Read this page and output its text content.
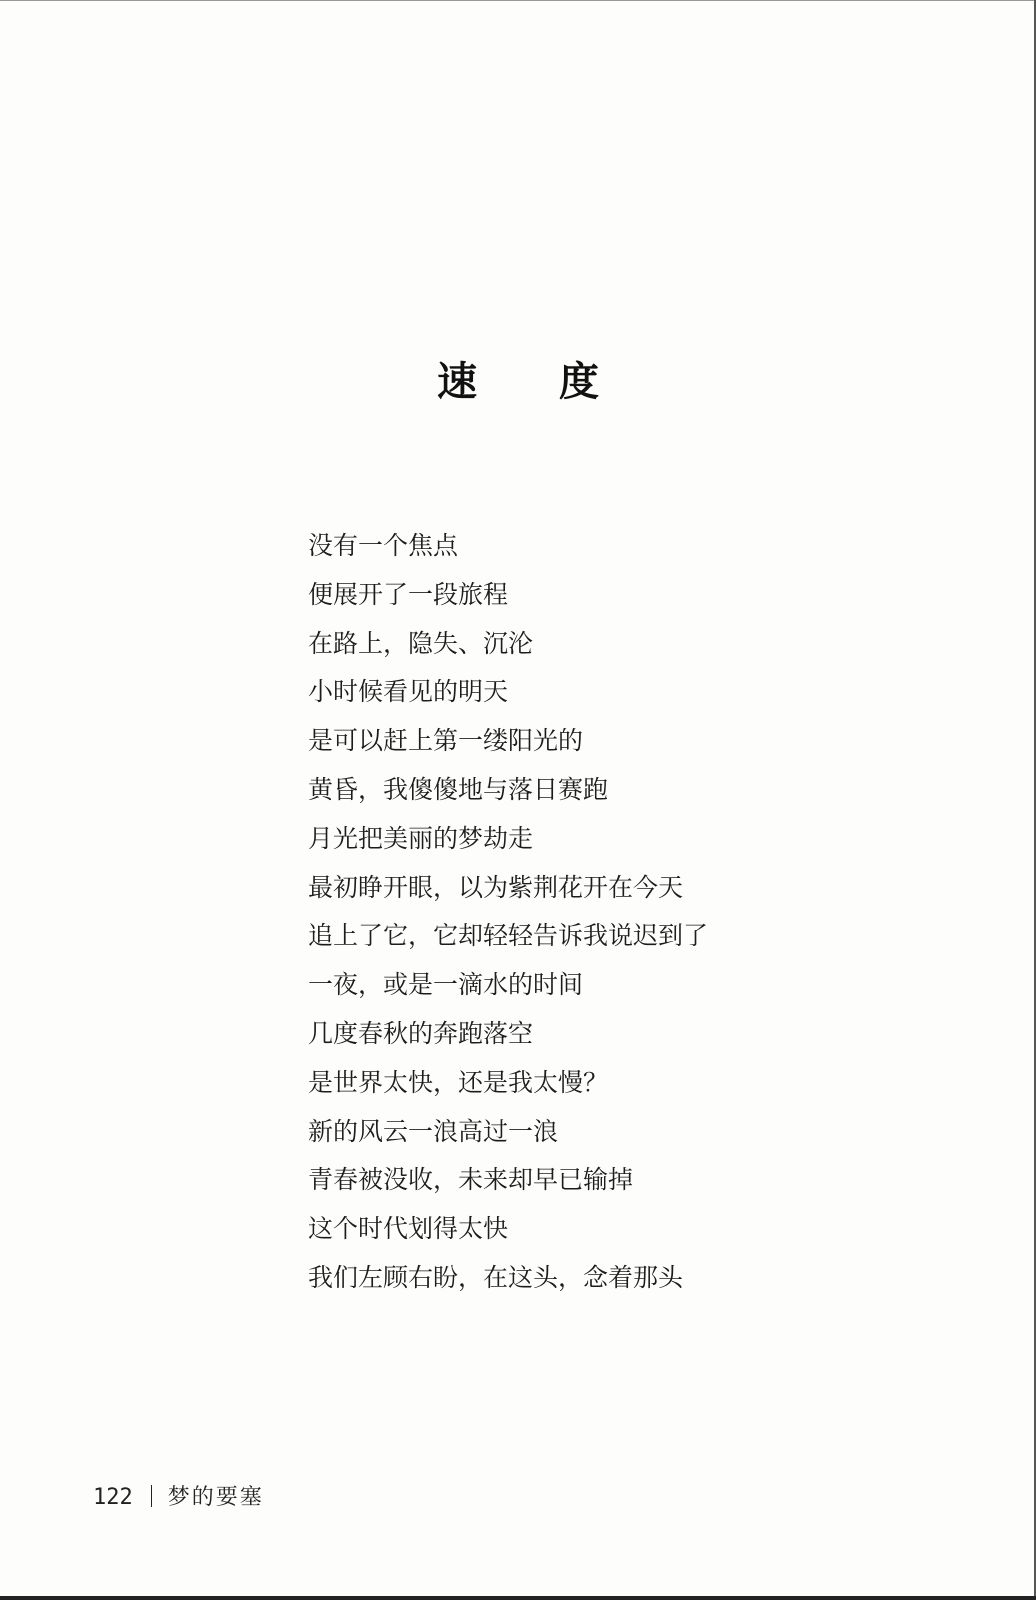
速 度
没有一个焦点
便展开了一段旅程
在路上，隐失、沉沦
小时候看见的明天
是可以赶上第一缕阳光的
黄昏，我傻傻地与落日赛跑
月光把美丽的梦劫走
最初睁开眼，以为紫荆花开在今天
追上了它，它却轻轻告诉我说迟到了
一夜，或是一滴水的时间
几度春秋的奔跑落空
是世界太快，还是我太慢？
新的风云一浪高过一浪
青春被没收，未来却早已输掉
这个时代划得太快
我们左顾右盼，在这头，念着那头
122 梦的要塞
